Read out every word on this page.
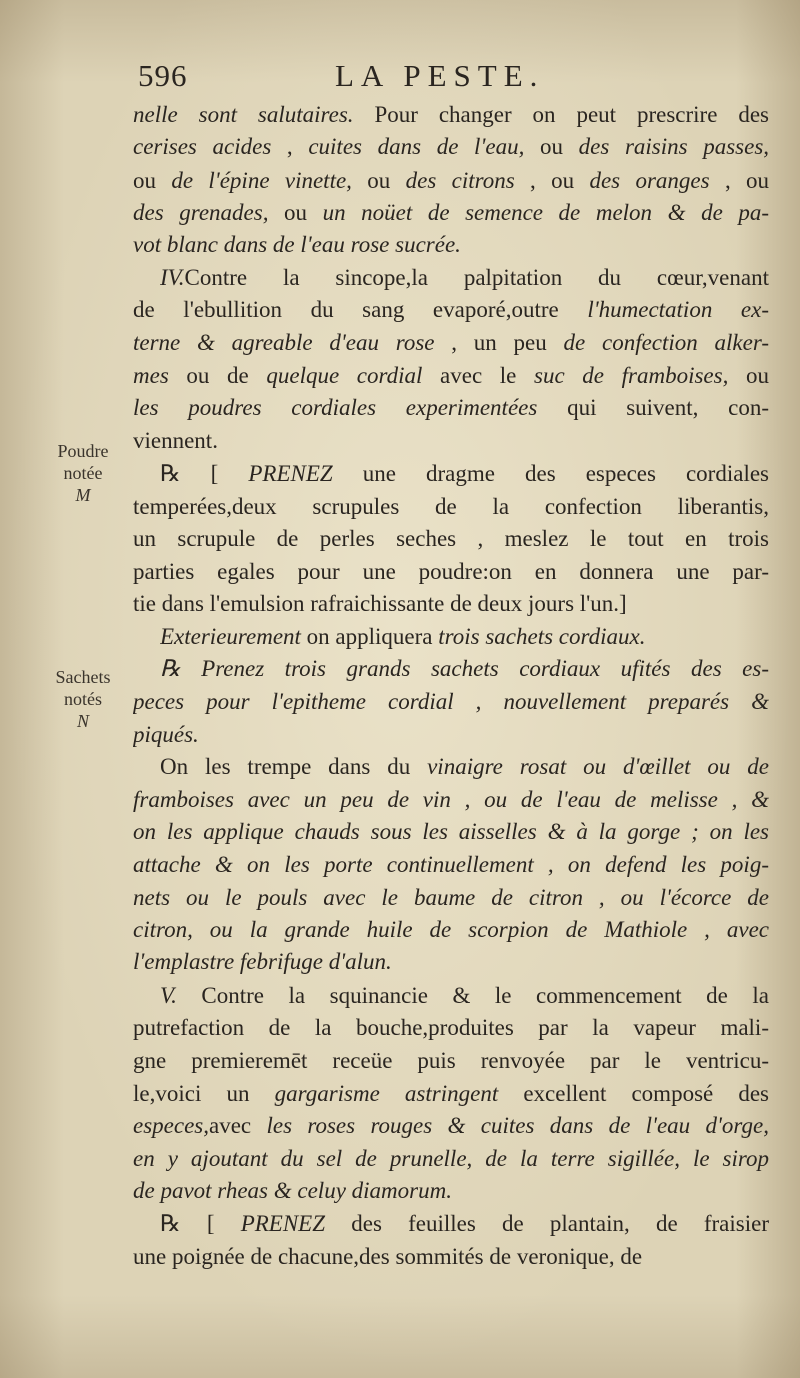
596	LA PESTE.
Poudre
notée
M
Sachets
notés
N
nelle sont salutaires. Pour changer on peut prescrire des
cerises acides , cuites dans de l'eau, ou des raisins passes,
ou de l'épine vinette, ou des citrons , ou des oranges , ou
des grenades, ou un noüet de semence de melon & de pa-
vot blanc dans de l'eau rose sucrée.
IV.Contre la sincope,la palpitation du cœur,venant
de l'ebullition du sang evaporé,outre l'humectation ex-
terne & agreable d'eau rose , un peu de confection alker-
mes ou de quelque cordial avec le suc de framboises, ou
les poudres cordiales experimentées qui suivent, con-
viennent.
℞ [ PRENEZ une dragme des especes cordiales
temperées,deux scrupules de la confection liberantis,
un scrupule de perles seches , meslez le tout en trois
parties egales pour une poudre:on en donnera une par-
tie dans l'emulsion rafraichissante de deux jours l'un.]
Exterieurement on appliquera trois sachets cordiaux.
℞ Prenez trois grands sachets cordiaux ufités des es-
peces pour l'epitheme cordial , nouvellement preparés &
piqués.
On les trempe dans du vinaigre rosat ou d'œillet ou de
framboises avec un peu de vin , ou de l'eau de melisse , &
on les applique chauds sous les aisselles & à la gorge ; on les
attache & on les porte continuellement , on defend les poig-
nets ou le pouls avec le baume de citron , ou l'écorce de
citron, ou la grande huile de scorpion de Mathiole , avec
l'emplastre febrifuge d'alun.
V. Contre la squinancie & le commencement de la
putrefaction de la bouche,produites par la vapeur mali-
gne premieremēt receüe puis renvoyée par le ventricu-
le,voici un gargarisme astringent excellent composé des
especes,avec les roses rouges & cuites dans de l'eau d'orge,
en y ajoutant du sel de prunelle, de la terre sigillée, le sirop
de pavot rheas & celuy diamorum.
℞ [ PRENEZ des feuilles de plantain, de fraisier
une poignée de chacune,des sommités de veronique, de
